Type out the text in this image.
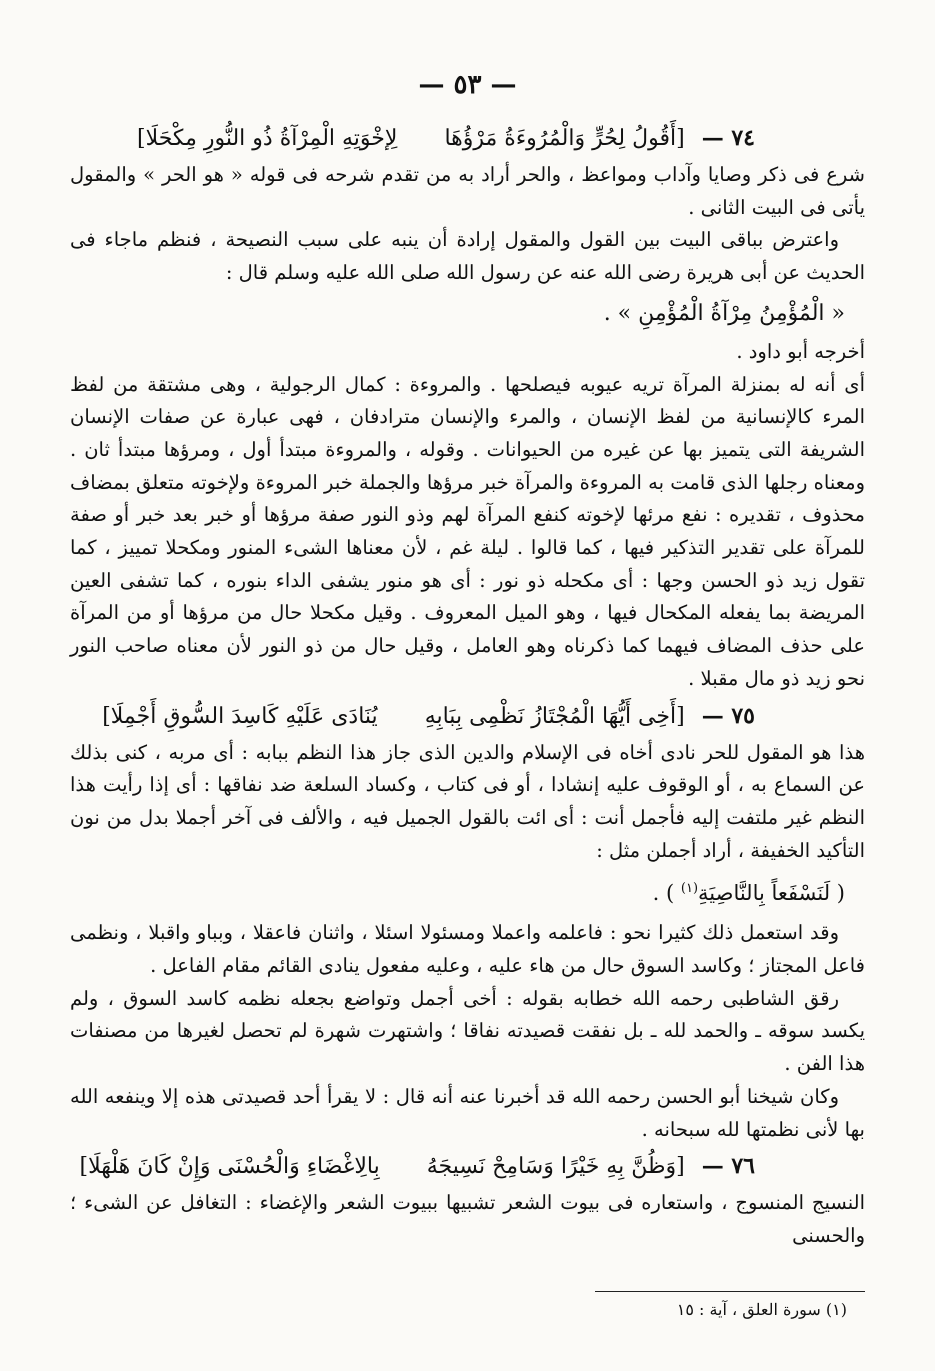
— ٥٣ —
٧٤ — [أَقُولُ لِحُرٍّ وَالْمُرُوءَةُ مَرْؤُهَا لِإخْوَتِهِ الْمِرْآةُ ذُو النُّورِ مِكْحَلَا]

شرع فى ذكر وصايا وآداب ومواعظ ، والحر أراد به من تقدم شرحه فى قوله « هو الحر » والمقول يأتى فى البيت الثانى .

واعترض بباقى البيت بين القول والمقول إرادة أن ينبه على سبب النصيحة ، فنظم ماجاء فى الحديث عن أبى هريرة رضى الله عنه عن رسول الله صلى الله عليه وسلم قال :

« الْمُؤْمِنُ مِرْآةُ الْمُؤْمِنِ » .

أخرجه أبو داود .

أى أنه له بمنزلة المرآة تريه عيوبه فيصلحها . والمروءة : كمال الرجولية ، وهى مشتقة من لفظ المرء كالإنسانية من لفظ الإنسان ، والمرء والإنسان مترادفان ، فهى عبارة عن صفات الإنسان الشريفة التى يتميز بها عن غيره من الحيوانات . وقوله ، والمروءة مبتدأ أول ، ومرؤها مبتدأ ثان . ومعناه رجلها الذى قامت به المروءة والمرآة خبر مرؤها والجملة خبر المروءة ولإخوته متعلق بمضاف محذوف ، تقديره : نفع مرئها لإخوته كنفع المرآة لهم وذو النور صفة مرؤها أو خبر بعد خبر أو صفة للمرآة على تقدير التذكير فيها ، كما قالوا . ليلة غم ، لأن معناها الشىء المنور ومكحلا تمييز ، كما تقول زيد ذو الحسن وجها : أى مكحله ذو نور : أى هو منور يشفى الداء بنوره ، كما تشفى العين المريضة بما يفعله المكحال فيها ، وهو الميل المعروف . وقيل مكحلا حال من مرؤها أو من المرآة على حذف المضاف فيهما كما ذكرناه وهو العامل ، وقيل حال من ذو النور لأن معناه صاحب النور نحو زيد ذو مال مقبلا .

٧٥ — [أَخِى أَيُّهَا الْمُجْتَازُ نَظْمِى بِبَابِهِ يُنَادَى عَلَيْهِ كَاسِدَ السُّوقِ أَجْمِلَا]

هذا هو المقول للحر نادى أخاه فى الإسلام والدين الذى جاز هذا النظم ببابه : أى مربه ، كنى بذلك عن السماع به ، أو الوقوف عليه إنشادا ، أو فى كتاب ، وكساد السلعة ضد نفاقها : أى إذا رأيت هذا النظم غير ملتفت إليه فأجمل أنت : أى ائت بالقول الجميل فيه ، والألف فى آخر أجملا بدل من نون التأكيد الخفيفة ، أراد أجملن مثل :

( لَنَسْفَعاً بِالنَّاصِيَةِ$^{(١)}$ ) .

وقد استعمل ذلك كثيرا نحو : فاعلمه واعملا ومسئولا اسئلا ، واثنان فاعقلا ، وبباو واقبلا ، ونظمى فاعل المجتاز ؛ وكاسد السوق حال من هاء عليه ، وعليه مفعول ينادى القائم مقام الفاعل .

رقق الشاطبى رحمه الله خطابه بقوله : أخى أجمل وتواضع بجعله نظمه كاسد السوق ، ولم يكسد سوقه ـ والحمد لله ـ بل نفقت قصيدته نفاقا ؛ واشتهرت شهرة لم تحصل لغيرها من مصنفات هذا الفن .

وكان شيخنا أبو الحسن رحمه الله قد أخبرنا عنه أنه قال : لا يقرأ أحد قصيدتى هذه إلا وينفعه الله بها لأنى نظمتها لله سبحانه .

٧٦ — [وَظُنَّ بِهِ خَيْرًا وَسَامِحْ نَسِيجَهُ بِالِاغْضَاءِ وَالْحُسْنَى وَإِنْ كَانَ هَلْهَلَا]

النسيج المنسوج ، واستعاره فى بيوت الشعر تشبيها ببيوت الشعر والإغضاء : التغافل عن الشىء ؛ والحسنى

(١) سورة العلق ، آية : ١٥
